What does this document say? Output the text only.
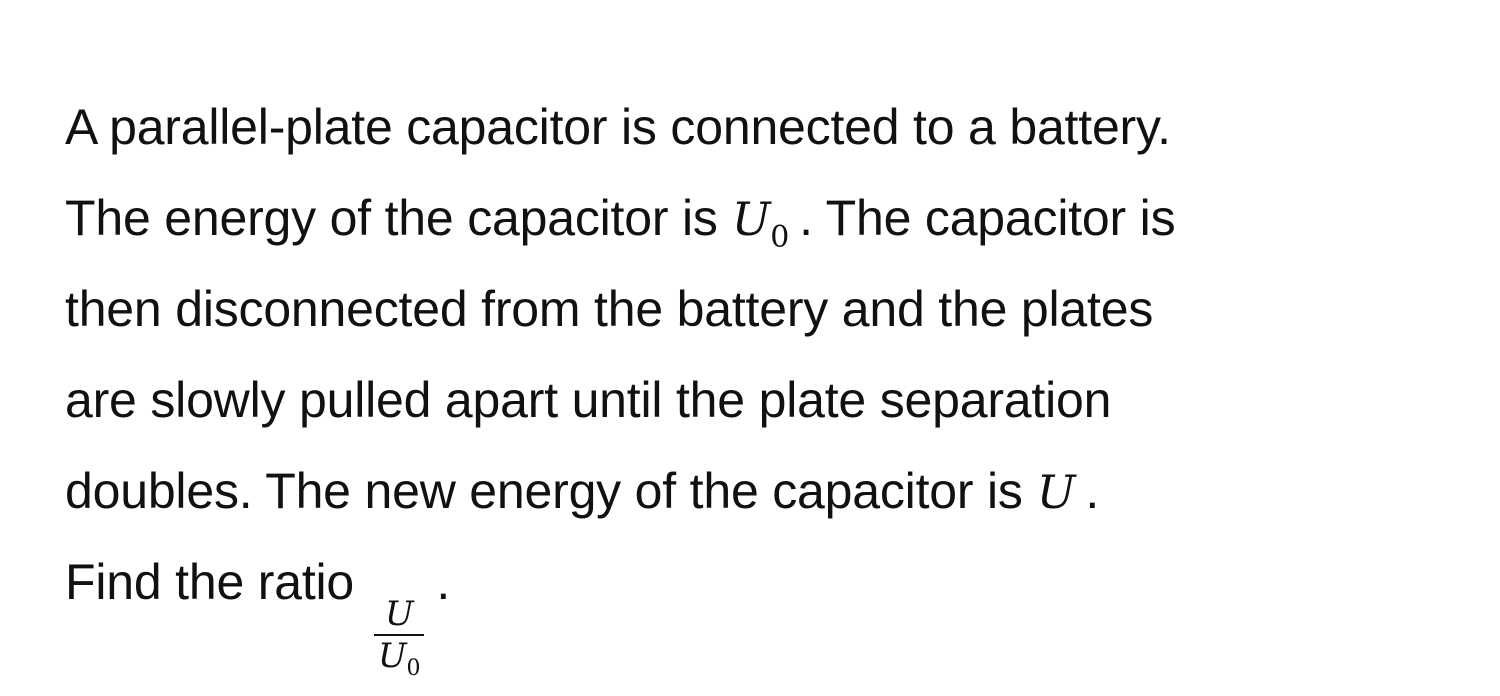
A parallel-plate capacitor is connected to a battery.
The energy of the capacitor is $U_0$ . The capacitor is
then disconnected from the battery and the plates
are slowly pulled apart until the plate separation
doubles. The new energy of the capacitor is U .
Find the ratio
$\frac{U}{U_0}$
.
